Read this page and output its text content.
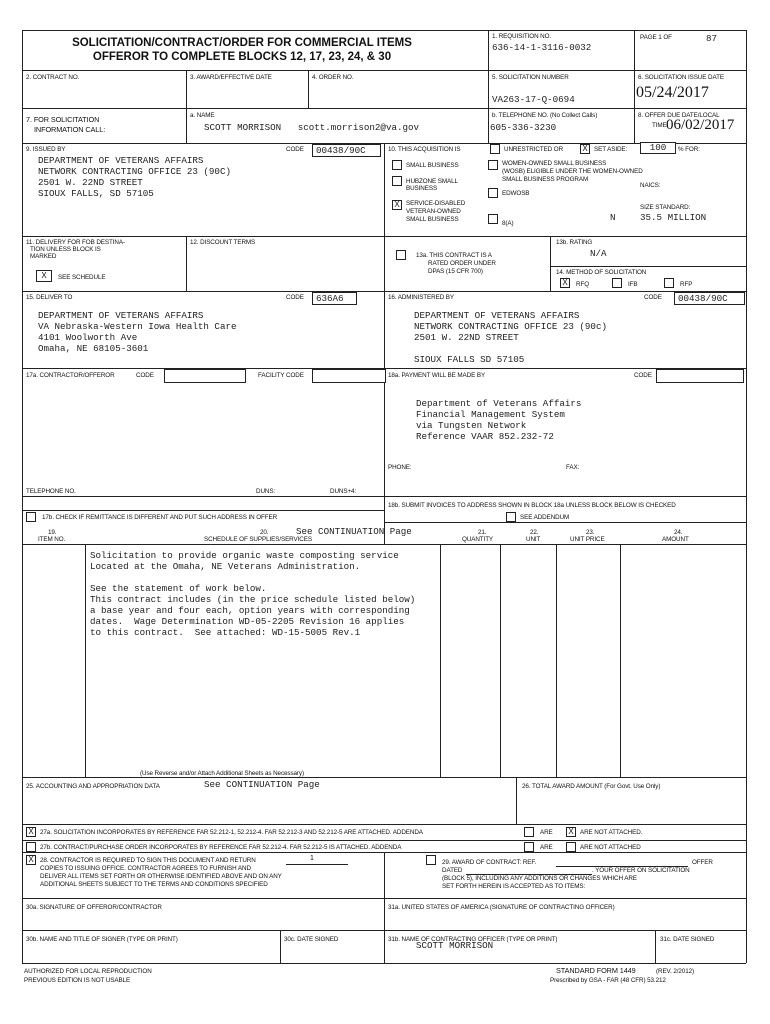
SOLICITATION/CONTRACT/ORDER FOR COMMERCIAL ITEMS
OFFEROR TO COMPLETE BLOCKS 12, 17, 23, 24, & 30
1. REQUISITION NO.
636-14-1-3116-0032
PAGE 1 OF	87
2. CONTRACT NO.	3. AWARD/EFFECTIVE DATE	4. ORDER NO.	5. SOLICITATION NUMBER
VA263-17-Q-0694
6. SOLICITATION ISSUE DATE
05/24/2017
7. FOR SOLICITATION
INFORMATION CALL:
a. NAME
SCOTT MORRISON   scott.morrison2@va.gov
b. TELEPHONE NO. (No Collect Calls)
605-336-3230
8. OFFER DUE DATE/LOCAL
TIME 06/02/2017
9. ISSUED BY	CODE	00438/90C
DEPARTMENT OF VETERANS AFFAIRS
NETWORK CONTRACTING OFFICE 23 (90C)
2501 W. 22ND STREET
SIOUX FALLS, SD 57105
10. THIS ACQUISITION IS	UNRESTRICTED OR X	SET ASIDE:	100	% FOR:
SMALL BUSINESS
HUBZONE SMALL
BUSINESS
X	SERVICE-DISABLED
VETERAN-OWNED
SMALL BUSINESS
WOMEN-OWNED SMALL BUSINESS
(WOSB) ELIGIBLE UNDER THE WOMEN-OWNED
SMALL BUSINESS PROGRAM
EDWOSB
8(A)
NAICS:
SIZE STANDARD:
N	35.5 MILLION
11. DELIVERY FOR FOB DESTINA-
TION UNLESS BLOCK IS
MARKED
X	SEE SCHEDULE
12. DISCOUNT TERMS
13a. THIS CONTRACT IS A
RATED ORDER UNDER
DPAS (15 CFR 700)
13b. RATING
N/A
14. METHOD OF SOLICITATION
X	RFQ	IFB	RFP
15. DELIVER TO	CODE	636A6
DEPARTMENT OF VETERANS AFFAIRS
VA Nebraska-Western Iowa Health Care
4101 Woolworth Ave
Omaha, NE 68105-3601
16. ADMINISTERED BY	CODE	00438/90C
DEPARTMENT OF VETERANS AFFAIRS
NETWORK CONTRACTING OFFICE 23 (90c)
2501 W. 22ND STREET

SIOUX FALLS SD 57105
17a. CONTRACTOR/OFFEROR	CODE	FACILITY CODE
TELEPHONE NO.	DUNS:	DUNS+4:
17b. CHECK IF REMITTANCE IS DIFFERENT AND PUT SUCH ADDRESS IN OFFER
18a. PAYMENT WILL BE MADE BY	CODE
Department of Veterans Affairs
Financial Management System
via Tungsten Network
Reference VAAR 852.232-72
PHONE:	FAX:
18b. SUBMIT INVOICES TO ADDRESS SHOWN IN BLOCK 18a UNLESS BLOCK BELOW IS CHECKED
SEE ADDENDUM
19.
ITEM NO.
20.	See CONTINUATION Page
SCHEDULE OF SUPPLIES/SERVICES
21.
QUANTITY
22.
UNIT
23.
UNIT PRICE
24.
AMOUNT
Solicitation to provide organic waste composting service
Located at the Omaha, NE Veterans Administration.

See the statement of work below.
This contract includes (in the price schedule listed below)
a base year and four each, option years with corresponding
dates.  Wage Determination WD-05-2205 Revision 16 applies
to this contract.  See attached: WD-15-5005 Rev.1
(Use Reverse and/or Attach Additional Sheets as Necessary)
25. ACCOUNTING AND APPROPRIATION DATA	See CONTINUATION Page	26. TOTAL AWARD AMOUNT (For Govt. Use Only)
X	27a. SOLICITATION INCORPORATES BY REFERENCE FAR 52.212-1, 52.212-4. FAR 52.212-3 AND 52.212-5 ARE ATTACHED. ADDENDA	ARE X	ARE NOT ATTACHED.
27b. CONTRACT/PURCHASE ORDER INCORPORATES BY REFERENCE FAR 52.212-4. FAR 52.212-5 IS ATTACHED. ADDENDA	ARE	ARE NOT ATTACHED
X	28. CONTRACTOR IS REQUIRED TO SIGN THIS DOCUMENT AND RETURN	1
COPIES TO ISSUING OFFICE. CONTRACTOR AGREES TO FURNISH AND
DELIVER ALL ITEMS SET FORTH OR OTHERWISE IDENTIFIED ABOVE AND ON ANY
ADDITIONAL SHEETS SUBJECT TO THE TERMS AND CONDITIONS SPECIFIED
29. AWARD OF CONTRACT: REF.	OFFER
DATED	. YOUR OFFER ON SOLICITATION
(BLOCK 5), INCLUDING ANY ADDITIONS OR CHANGES WHICH ARE
SET FORTH HEREIN IS ACCEPTED AS TO ITEMS:
30a. SIGNATURE OF OFFEROR/CONTRACTOR	31a. UNITED STATES OF AMERICA (SIGNATURE OF CONTRACTING OFFICER)
30b. NAME AND TITLE OF SIGNER (TYPE OR PRINT)	30c. DATE SIGNED	31b. NAME OF CONTRACTING OFFICER (TYPE OR PRINT)
SCOTT MORRISON
31c. DATE SIGNED
AUTHORIZED FOR LOCAL REPRODUCTION
PREVIOUS EDITION IS NOT USABLE
STANDARD FORM 1449	(REV. 2/2012)
Prescribed by GSA - FAR (48 CFR) 53.212
